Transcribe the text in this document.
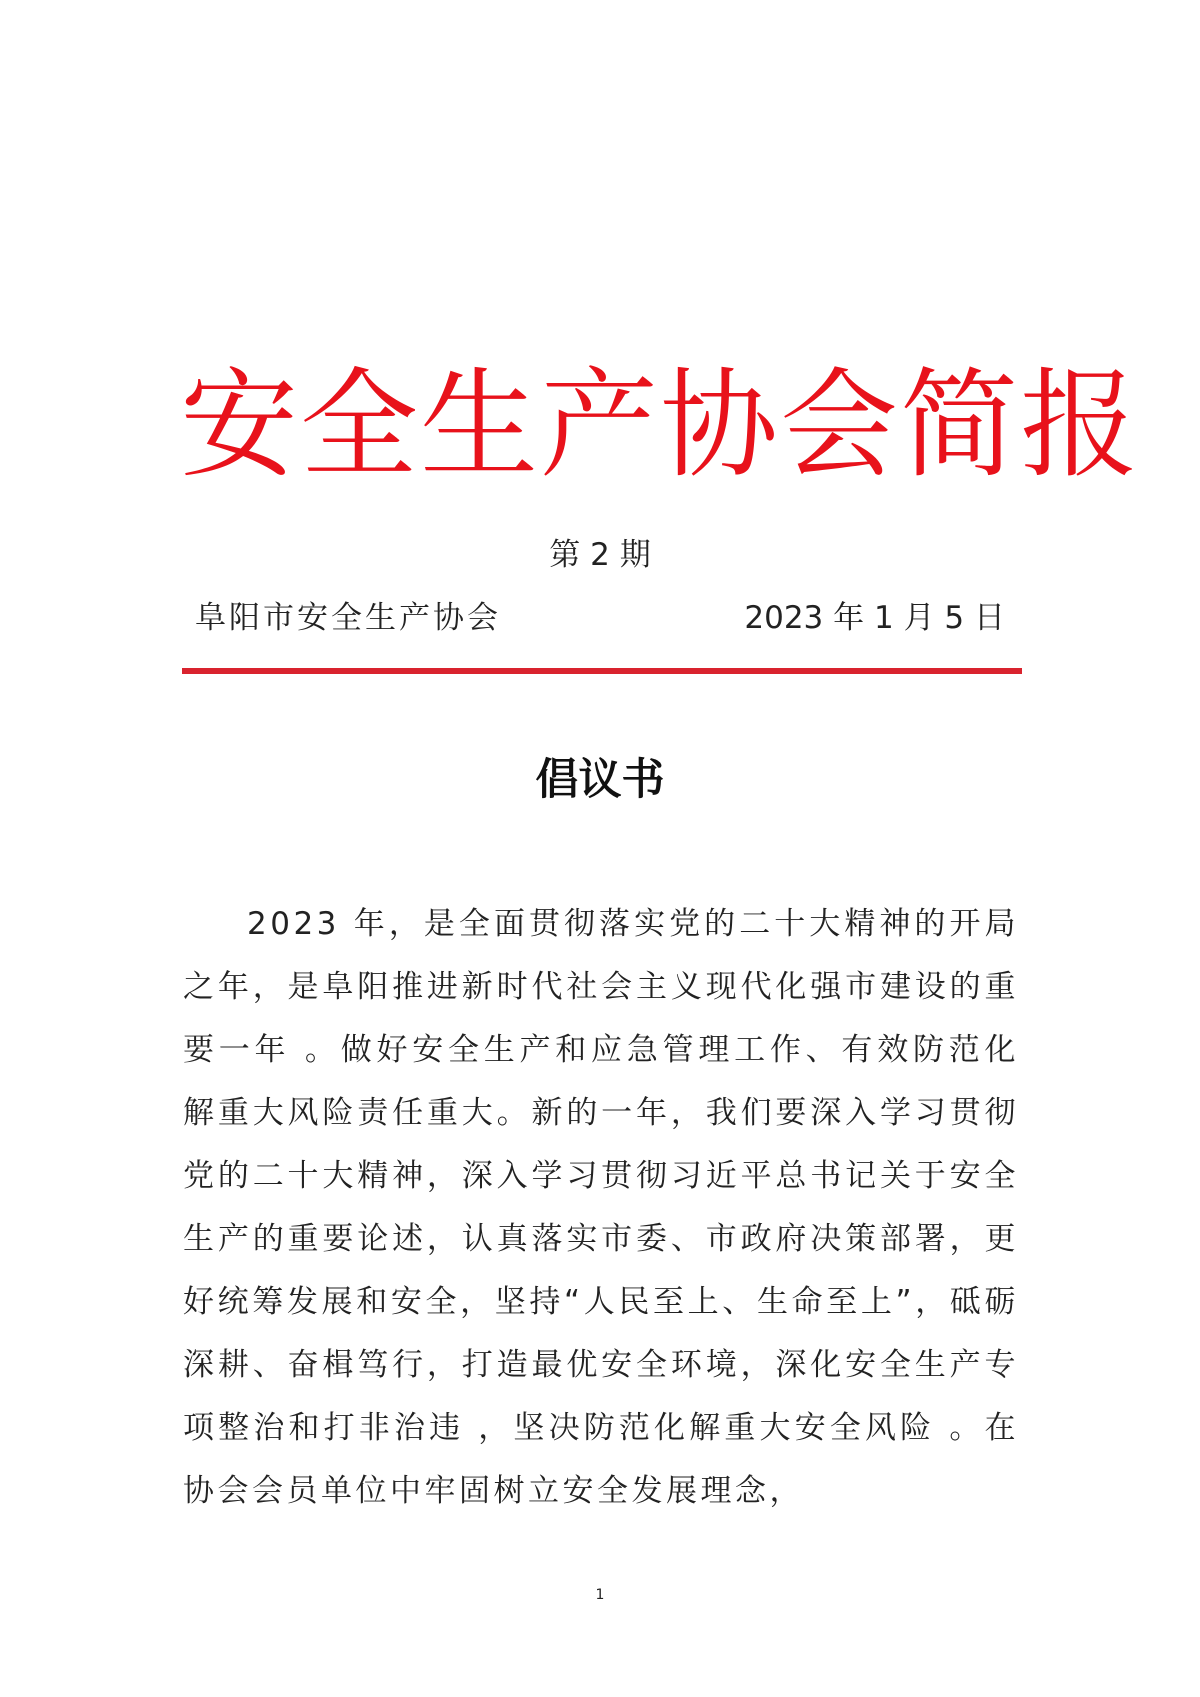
安全生产协会简报
第 2 期
阜阳市安全生产协会	2023 年 1 月 5 日
倡议书

2023 年，是全面贯彻落实党的二十大精神的开局之年，是阜阳推进新时代社会主义现代化强市建设的重要一年 。做好安全生产和应急管理工作、有效防范化解重大风险责任重大。新的一年，我们要深入学习贯彻党的二十大精神，深入学习贯彻习近平总书记关于安全生产的重要论述，认真落实市委、市政府决策部署，更好统筹发展和安全，坚持“人民至上、生命至上”，砥砺深耕、奋楫笃行，打造最优安全环境，深化安全生产专项整治和打非治违 ，坚决防范化解重大安全风险 。在协会会员单位中牢固树立安全发展理念，

1
